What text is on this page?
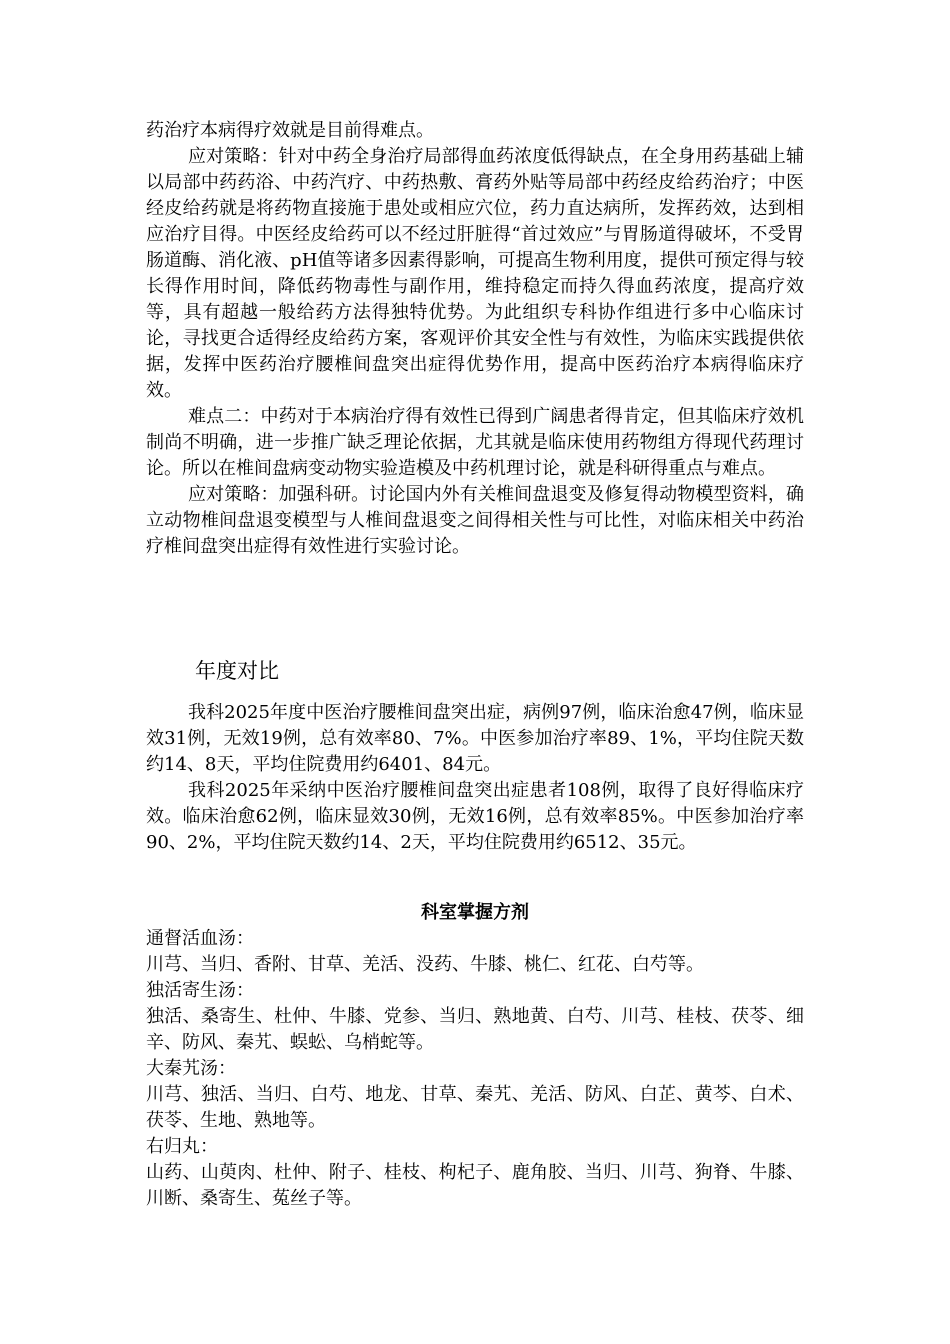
药治疗本病得疗效就是目前得难点。

应对策略：针对中药全身治疗局部得血药浓度低得缺点，在全身用药基础上辅以局部中药药浴、中药汽疗、中药热敷、膏药外贴等局部中药经皮给药治疗；中医经皮给药就是将药物直接施于患处或相应穴位，药力直达病所，发挥药效，达到相应治疗目得。中医经皮给药可以不经过肝脏得“首过效应”与胃肠道得破坏，不受胃肠道酶、消化液、pH值等诸多因素得影响，可提高生物利用度，提供可预定得与较长得作用时间，降低药物毒性与副作用，维持稳定而持久得血药浓度，提高疗效等，具有超越一般给药方法得独特优势。为此组织专科协作组进行多中心临床讨论，寻找更合适得经皮给药方案，客观评价其安全性与有效性，为临床实践提供依据，发挥中医药治疗腰椎间盘突出症得优势作用，提高中医药治疗本病得临床疗效。

难点二：中药对于本病治疗得有效性已得到广阔患者得肯定，但其临床疗效机制尚不明确，进一步推广缺乏理论依据，尤其就是临床使用药物组方得现代药理讨论。所以在椎间盘病变动物实验造模及中药机理讨论，就是科研得重点与难点。

应对策略：加强科研。讨论国内外有关椎间盘退变及修复得动物模型资料，确立动物椎间盘退变模型与人椎间盘退变之间得相关性与可比性，对临床相关中药治疗椎间盘突出症得有效性进行实验讨论。

年度对比

我科2025年度中医治疗腰椎间盘突出症，病例97例，临床治愈47例，临床显效31例，无效19例，总有效率80、7%。中医参加治疗率89、1%，平均住院天数约14、8天，平均住院费用约6401、84元。

我科2025年采纳中医治疗腰椎间盘突出症患者108例，取得了良好得临床疗效。临床治愈62例，临床显效30例，无效16例，总有效率85%。中医参加治疗率90、2%，平均住院天数约14、2天，平均住院费用约6512、35元。

科室掌握方剂

通督活血汤：

川芎、当归、香附、甘草、羌活、没药、牛膝、桃仁、红花、白芍等。

独活寄生汤：

独活、桑寄生、杜仲、牛膝、党参、当归、熟地黄、白芍、川芎、桂枝、茯苓、细辛、防风、秦艽、蜈蚣、乌梢蛇等。

大秦艽汤：

川芎、独活、当归、白芍、地龙、甘草、秦艽、羌活、防风、白芷、黄芩、白术、茯苓、生地、熟地等。

右归丸：

山药、山萸肉、杜仲、附子、桂枝、枸杞子、鹿角胶、当归、川芎、狗脊、牛膝、川断、桑寄生、菟丝子等。
